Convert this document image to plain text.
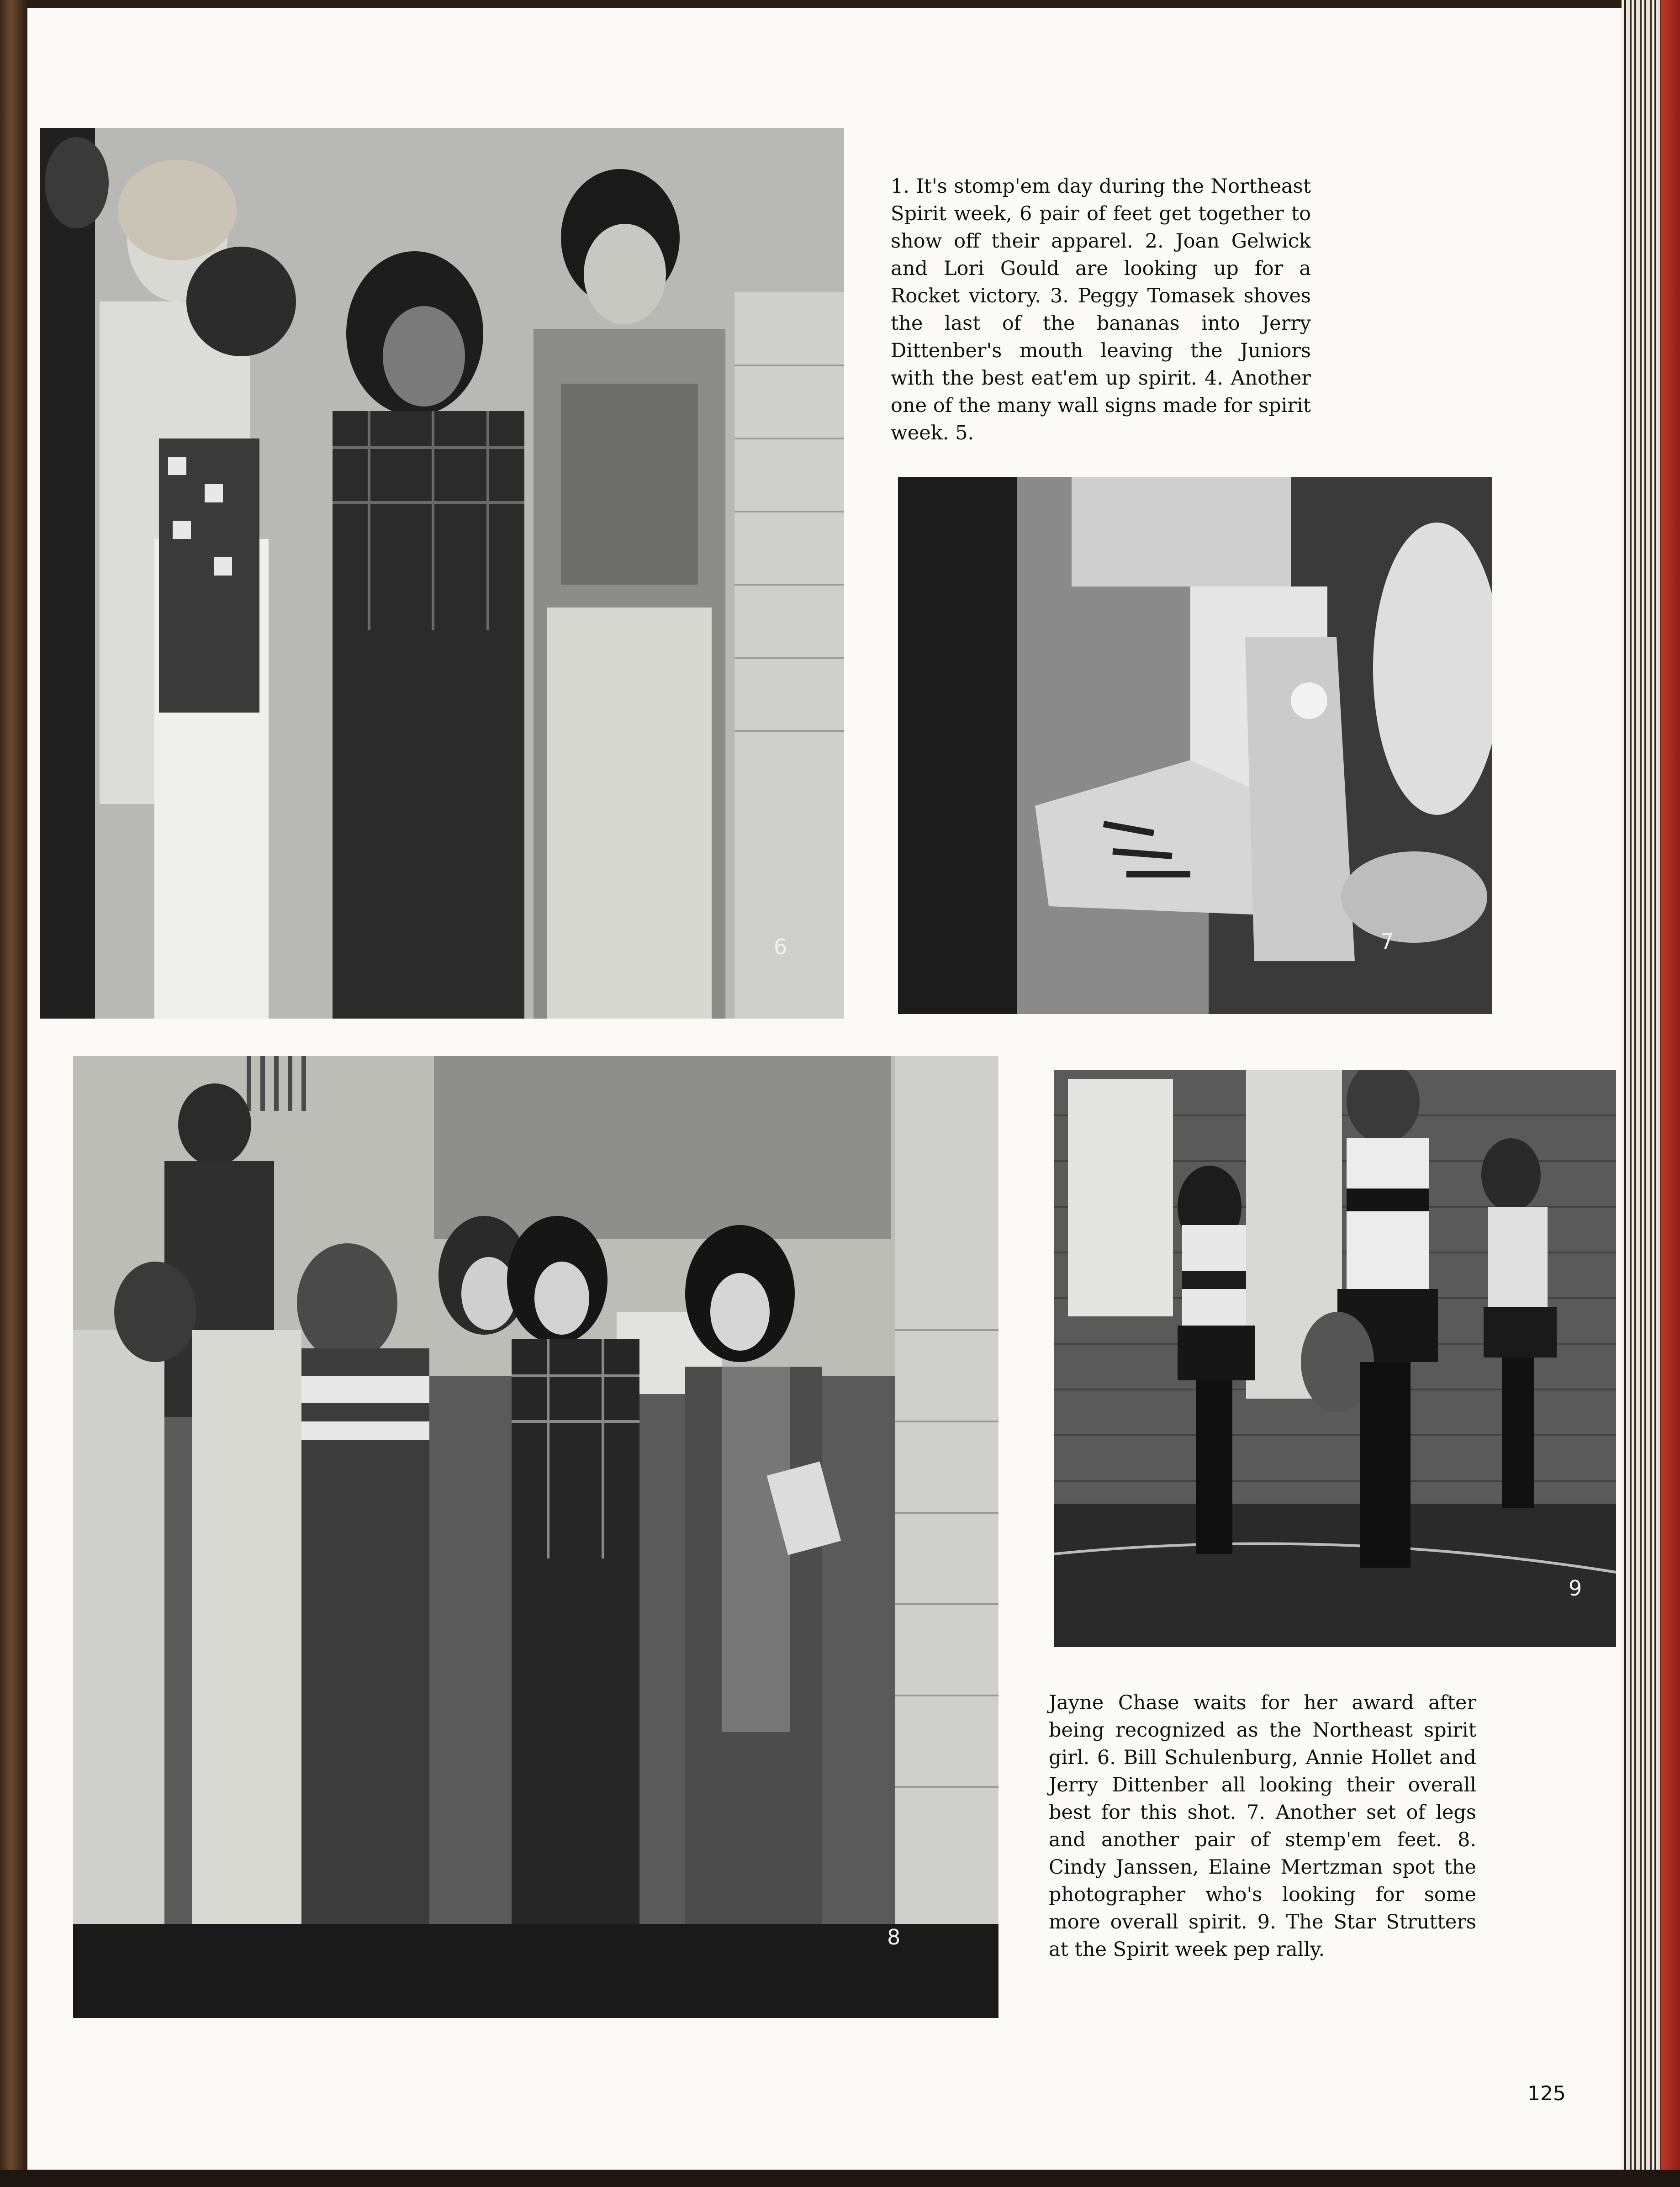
6	7
8
9

1. It's stomp'em day during the Northeast Spirit week, 6 pair of feet get together to show off their apparel. 2. Joan Gelwick and Lori Gould are looking up for a Rocket victory. 3. Peggy Tomasek shoves the last of the bananas into Jerry Dittenber's mouth leaving the Juniors with the best eat'em up spirit. 4. Another one of the many wall signs made for spirit week. 5.

Jayne Chase waits for her award after being recognized as the Northeast spirit girl. 6. Bill Schulenburg, Annie Hollet and Jerry Dittenber all looking their overall best for this shot. 7. Another set of legs and another pair of stemp'em feet. 8. Cindy Janssen, Elaine Mertzman spot the photographer who's looking for some more overall spirit. 9. The Star Strutters at the Spirit week pep rally.

125
